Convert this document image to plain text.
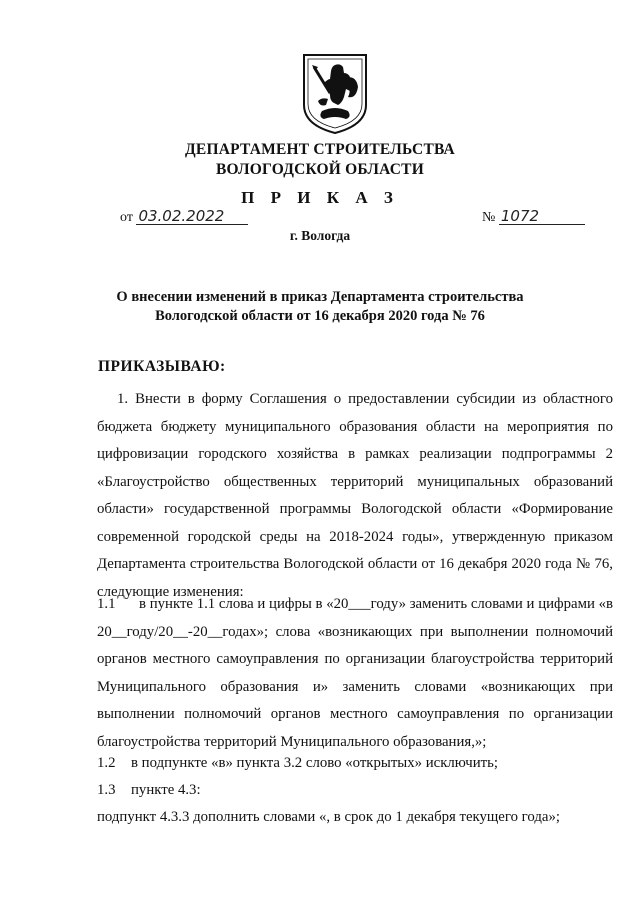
ДЕПАРТАМЕНТ СТРОИТЕЛЬСТВА
ВОЛОГОДСКОЙ ОБЛАСТИ
П Р И К А З
от 03.02.2022	№ 1072
г. Вологда
О внесении изменений в приказ Департамента строительства
Вологодской области от 16 декабря 2020 года № 76
ПРИКАЗЫВАЮ:
1. Внести в форму Соглашения о предоставлении субсидии из областного бюджета бюджету муниципального образования области на мероприятия по цифровизации городского хозяйства в рамках реализации подпрограммы 2 «Благоустройство общественных территорий муниципальных образований области» государственной программы Вологодской области «Формирование современной городской среды на 2018-2024 годы», утвержденную приказом Департамента строительства Вологодской области от 16 декабря 2020 года № 76, следующие изменения:
1.1 в пункте 1.1 слова и цифры в «20___году» заменить словами и цифрами «в 20__году/20__-20__годах»; слова «возникающих при выполнении полномочий органов местного самоуправления по организации благоустройства территорий Муниципального образования и» заменить словами «возникающих при выполнении полномочий органов местного самоуправления по организации благоустройства территорий Муниципального образования,»;
1.2 в подпункте «в» пункта 3.2 слово «открытых» исключить;
1.3 пункте 4.3:
подпункт 4.3.3 дополнить словами «, в срок до 1 декабря текущего года»;
